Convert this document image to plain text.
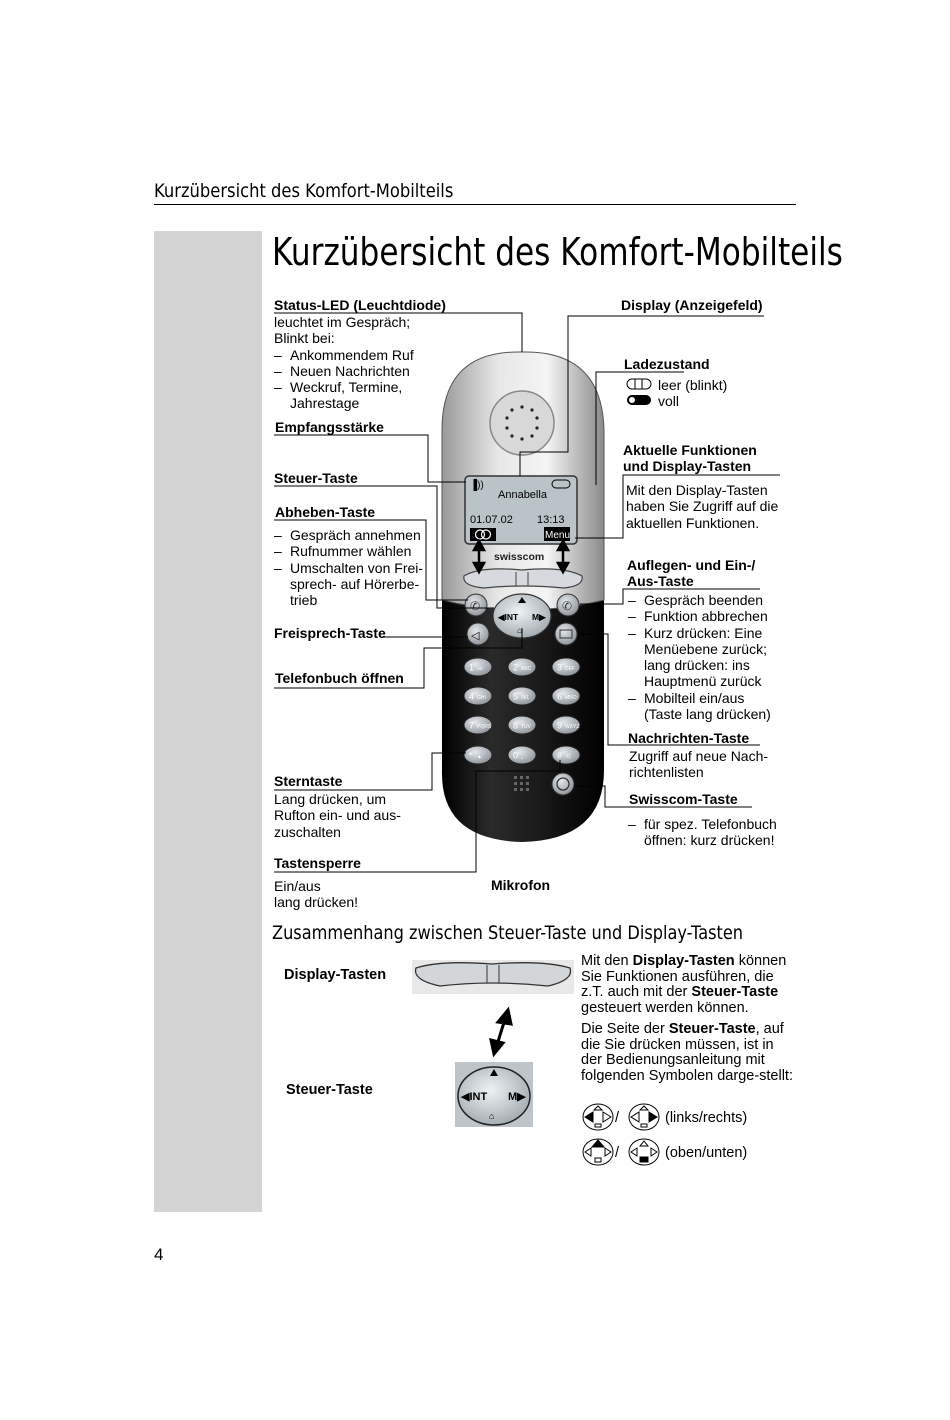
Kurzübersicht des Komfort-Mobilteils
Kurzübersicht des Komfort-Mobilteils
▐))
Annabella
01.07.02 13:13
Menu
swisscom
✆	✆
◀INT M▶
⌂
◁
1 oo	2 ABC	3 DEF
4 GHI	5 JKL	6 MNO
7 PQRS 8 TUV	9 WXYZ
* ▲	0 ˽	# -O
◀INT M▶
⌂
Status-LED (Leuchtdiode)
leuchtet im Gespräch;
Blinkt bei:
– Ankommendem Ruf
– Neuen Nachrichten
– Weckruf, Termine, Jahrestage
Display (Anzeigefeld)
Ladezustand
leer (blinkt)
voll
Empfangsstärke
Aktuelle Funktionen
und Display-Tasten
Mit den Display-Tasten haben Sie Zugriff auf die aktuellen Funktionen.
Steuer-Taste
Abheben-Taste
– Gespräch annehmen
– Rufnummer wählen
– Umschalten von Frei-sprech- auf Hörerbe-trieb
Auflegen- und Ein-/
Aus-Taste
– Gespräch beenden
– Funktion abbrechen
– Kurz drücken: Eine Menüebene zurück; lang drücken: ins Hauptmenü zurück
– Mobilteil ein/aus (Taste lang drücken)
Freisprech-Taste
Telefonbuch öffnen
Nachrichten-Taste
Zugriff auf neue Nach-richtenlisten
Sterntaste
Lang drücken, um Rufton ein- und aus-zuschalten
Swisscom-Taste
– für spez. Telefonbuch öffnen: kurz drücken!
Tastensperre
Ein/aus
lang drücken!
Mikrofon
Zusammenhang zwischen Steuer-Taste und Display-Tasten
Display-Tasten
Steuer-Taste
Mit den Display-Tasten können Sie Funktionen ausführen, die z.T. auch mit der Steuer-Taste gesteuert werden können.
Die Seite der Steuer-Taste, auf die Sie drücken müssen, ist in der Bedienungsanleitung mit folgenden Symbolen darge-stellt:
/	(links/rechts)
/	(oben/unten)
4
